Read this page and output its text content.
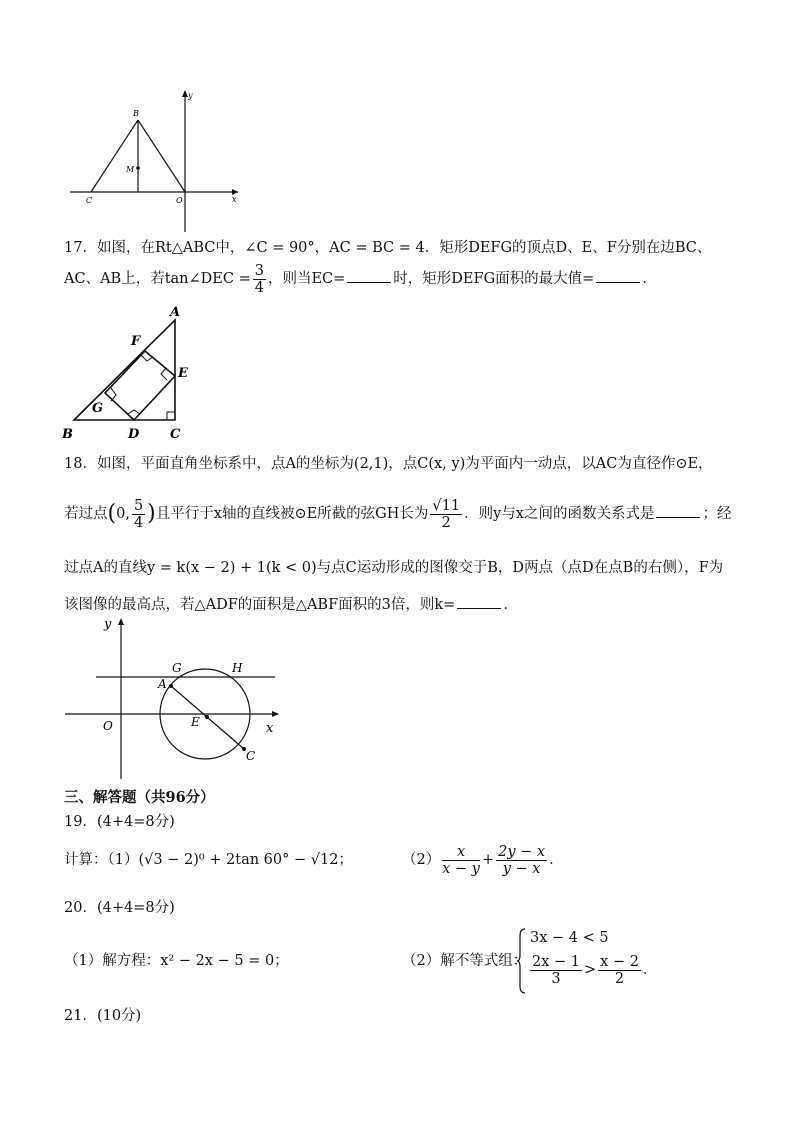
B
M
C	O	x
y
17．如图，在Rt△ABC中，∠C = 90°，AC = BC = 4．矩形DEFG的顶点D、E、F分别在边BC、
AC、AB上，若tan∠DEC = $\frac{3}{4}$ ，则当EC=	时，矩形DEFG面积的最大值=	．
A
F
E
G
B	D C
18．如图，平面直角坐标系中，点A的坐标为(2,1)，点C(x, y)为平面内一动点，以AC为直径作⊙E，
若过点(0, $\frac{5}{4}$ )且平行于x轴的直线被⊙E所截的弦GH长为 $\frac{√11}{2}$ ．则y与x之间的函数关系式是	；经
过点A的直线y = k(x − 2) + 1(k < 0)与点C运动形成的图像交于B，D两点（点D在点B的右侧），F为
该图像的最高点，若△ADF的面积是△ABF面积的3倍，则k=	．
y
G	H
A
O	E	x
C
三、解答题（共96分）
19．(4+4=8分)
计算：（1）(√3 − 2)⁰ + 2tan 60° − √12；	$(2) \frac{x}{x - y} + \frac{2y - x}{y - x}$ ．
20．(4+4=8分)
（1）解方程：x² − 2x − 5 = 0；	（2）解不等式组：
3x − 4 < 5
$\frac{2x - 1}{3} > \frac{x - 2}{2}$ ．
21．(10分)
